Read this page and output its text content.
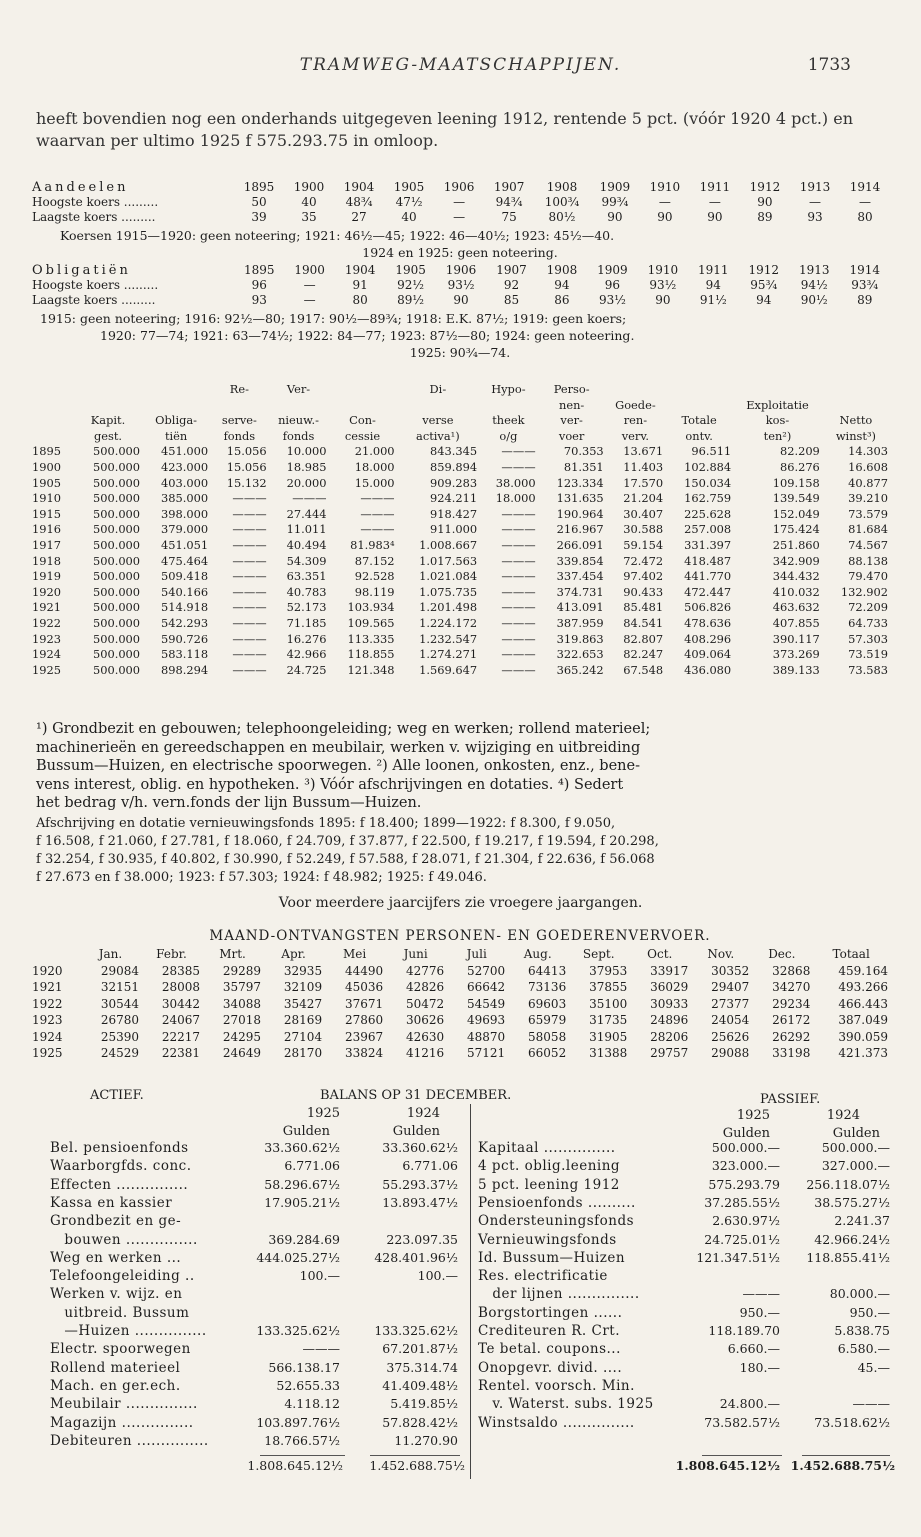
TRAMWEG-MAATSCHAPPIJEN.	1733
heeft bovendien nog een onderhands uitgegeven leening 1912, rentende 5 pct. (vóór 1920 4 pct.) en waarvan per ultimo 1925 f 575.293.75 in omloop.
Aandeelen	1895	1900	1904	1905	1906	1907	1908	1909	1910	1911	1912	1913	1914
Hoogste koers .........	50	40	48¾	47½	—	94¾	100¾	99¾	—	—	90	—	—
Laagste koers .........	39	35	27	40	—	75	80½	90	90	90	89	93	80
Koersen 1915—1920: geen noteering; 1921: 46½—45; 1922: 46—40½; 1923: 45½—40.
1924 en 1925: geen noteering.
Obligatiën	1895	1900	1904	1905	1906	1907	1908	1909	1910	1911	1912	1913	1914
Hoogste koers .........	96	—	91	92½	93½	92	94	96	93½	94	95¾	94½	93¾
Laagste koers .........	93	—	80	89½	90	85	86	93½	90	91½	94	90½	89
1915: geen noteering; 1916: 92½—80; 1917: 90½—89¾; 1918: E.K. 87½; 1919: geen koers;
1920: 77—74; 1921: 63—74½; 1922: 84—77; 1923: 87½—80; 1924: geen noteering.
1925: 90¾—74.
			Re-	Ver-		Di-	Hypo-	Perso-				
								nen-	Goede-		Exploitatie	
	Kapit.	Obliga-	serve-	nieuw.-	Con-	verse	theek	ver-	ren-	Totale	kos-	Netto
	gest.	tiën	fonds	fonds	cessie	activa¹)	o/g	voer	verv.	ontv.	ten²)	winst³)
1895	500.000	451.000	15.056	10.000	21.000	843.345	———	70.353	13.671	96.511	82.209	14.303
1900	500.000	423.000	15.056	18.985	18.000	859.894	———	81.351	11.403	102.884	86.276	16.608
1905	500.000	403.000	15.132	20.000	15.000	909.283	38.000	123.334	17.570	150.034	109.158	40.877
1910	500.000	385.000	———	———	———	924.211	18.000	131.635	21.204	162.759	139.549	39.210
1915	500.000	398.000	———	27.444	———	918.427	———	190.964	30.407	225.628	152.049	73.579
1916	500.000	379.000	———	11.011	———	911.000	———	216.967	30.588	257.008	175.424	81.684
1917	500.000	451.051	———	40.494	81.983⁴	1.008.667	———	266.091	59.154	331.397	251.860	74.567
1918	500.000	475.464	———	54.309	87.152	1.017.563	———	339.854	72.472	418.487	342.909	88.138
1919	500.000	509.418	———	63.351	92.528	1.021.084	———	337.454	97.402	441.770	344.432	79.470
1920	500.000	540.166	———	40.783	98.119	1.075.735	———	374.731	90.433	472.447	410.032	132.902
1921	500.000	514.918	———	52.173	103.934	1.201.498	———	413.091	85.481	506.826	463.632	72.209
1922	500.000	542.293	———	71.185	109.565	1.224.172	———	387.959	84.541	478.636	407.855	64.733
1923	500.000	590.726	———	16.276	113.335	1.232.547	———	319.863	82.807	408.296	390.117	57.303
1924	500.000	583.118	———	42.966	118.855	1.274.271	———	322.653	82.247	409.064	373.269	73.519
1925	500.000	898.294	———	24.725	121.348	1.569.647	———	365.242	67.548	436.080	389.133	73.583
¹) Grondbezit en gebouwen; telephoongeleiding; weg en werken; rollend materieel;
machinerieën en gereedschappen en meubilair, werken v. wijziging en uitbreiding
Bussum—Huizen, en electrische spoorwegen. ²) Alle loonen, onkosten, enz., bene-
vens interest, oblig. en hypotheken. ³) Vóór afschrijvingen en dotaties. ⁴) Sedert
het bedrag v/h. vern.fonds der lijn Bussum—Huizen.
Afschrijving en dotatie vernieuwingsfonds 1895: f 18.400; 1899—1922: f 8.300, f 9.050,
f 16.508, f 21.060, f 27.781, f 18.060, f 24.709, f 37.877, f 22.500, f 19.217, f 19.594, f 20.298,
f 32.254, f 30.935, f 40.802, f 30.990, f 52.249, f 57.588, f 28.071, f 21.304, f 22.636, f 56.068
f 27.673 en f 38.000; 1923: f 57.303; 1924: f 48.982; 1925: f 49.046.
Voor meerdere jaarcijfers zie vroegere jaargangen.
MAAND-ONTVANGSTEN PERSONEN- EN GOEDERENVERVOER.
	Jan.	Febr.	Mrt.	Apr.	Mei	Juni	Juli	Aug.	Sept.	Oct.	Nov.	Dec.	Totaal
1920	29084	28385	29289	32935	44490	42776	52700	64413	37953	33917	30352	32868	459.164
1921	32151	28008	35797	32109	45036	42826	66642	73136	37855	36029	29407	34270	493.266
1922	30544	30442	34088	35427	37671	50472	54549	69603	35100	30933	27377	29234	466.443
1923	26780	24067	27018	28169	27860	30626	49693	65979	31735	24896	24054	26172	387.049
1924	25390	22217	24295	27104	23967	42630	48870	58058	31905	28206	25626	26292	390.059
1925	24529	22381	24649	28170	33824	41216	57121	66052	31388	29757	29088	33198	421.373
ACTIEF.	BALANS OP 31 DECEMBER.	PASSIEF.
1925	1924
Gulden	Gulden
1925	1924
Gulden	Gulden
Bel. pensioenfonds	33.360.62½	33.360.62½
Waarborgfds. conc.	6.771.06	6.771.06
Effecten ...............	58.296.67½	55.293.37½
Kassa en kassier	17.905.21½	13.893.47½
Grondbezit en ge-
bouwen ...............	369.284.69	223.097.35
Weg en werken ...	444.025.27½	428.401.96½
Telefoongeleiding ..	100.—	100.—
Werken v. wijz. en
uitbreid. Bussum
—Huizen ...............	133.325.62½	133.325.62½
Electr. spoorwegen	———	67.201.87½
Rollend materieel	566.138.17	375.314.74
Mach. en ger.ech.	52.655.33	41.409.48½
Meubilair ...............	4.118.12	5.419.85½
Magazijn ...............	103.897.76½	57.828.42½
Debiteuren ...............	18.766.57½	11.270.90
Kapitaal ...............	500.000.—	500.000.—
4 pct. oblig.leening	323.000.—	327.000.—
5 pct. leening 1912	575.293.79	256.118.07½
Pensioenfonds ..........	37.285.55½	38.575.27½
Ondersteuningsfonds	2.630.97½	2.241.37
Vernieuwingsfonds	24.725.01½	42.966.24½
Id. Bussum—Huizen	121.347.51½	118.855.41½
Res. electrificatie
der lijnen ...............	———	80.000.—
Borgstortingen ......	950.—	950.—
Crediteuren R. Crt.	118.189.70	5.838.75
Te betal. coupons...	6.660.—	6.580.—
Onopgevr. divid. ....	180.—	45.—
Rentel. voorsch. Min.
v. Waterst. subs. 1925	24.800.—	———
Winstsaldo ...............	73.582.57½	73.518.62½
1.808.645.12½	1.452.688.75½	1.808.645.12½ 1.452.688.75½
